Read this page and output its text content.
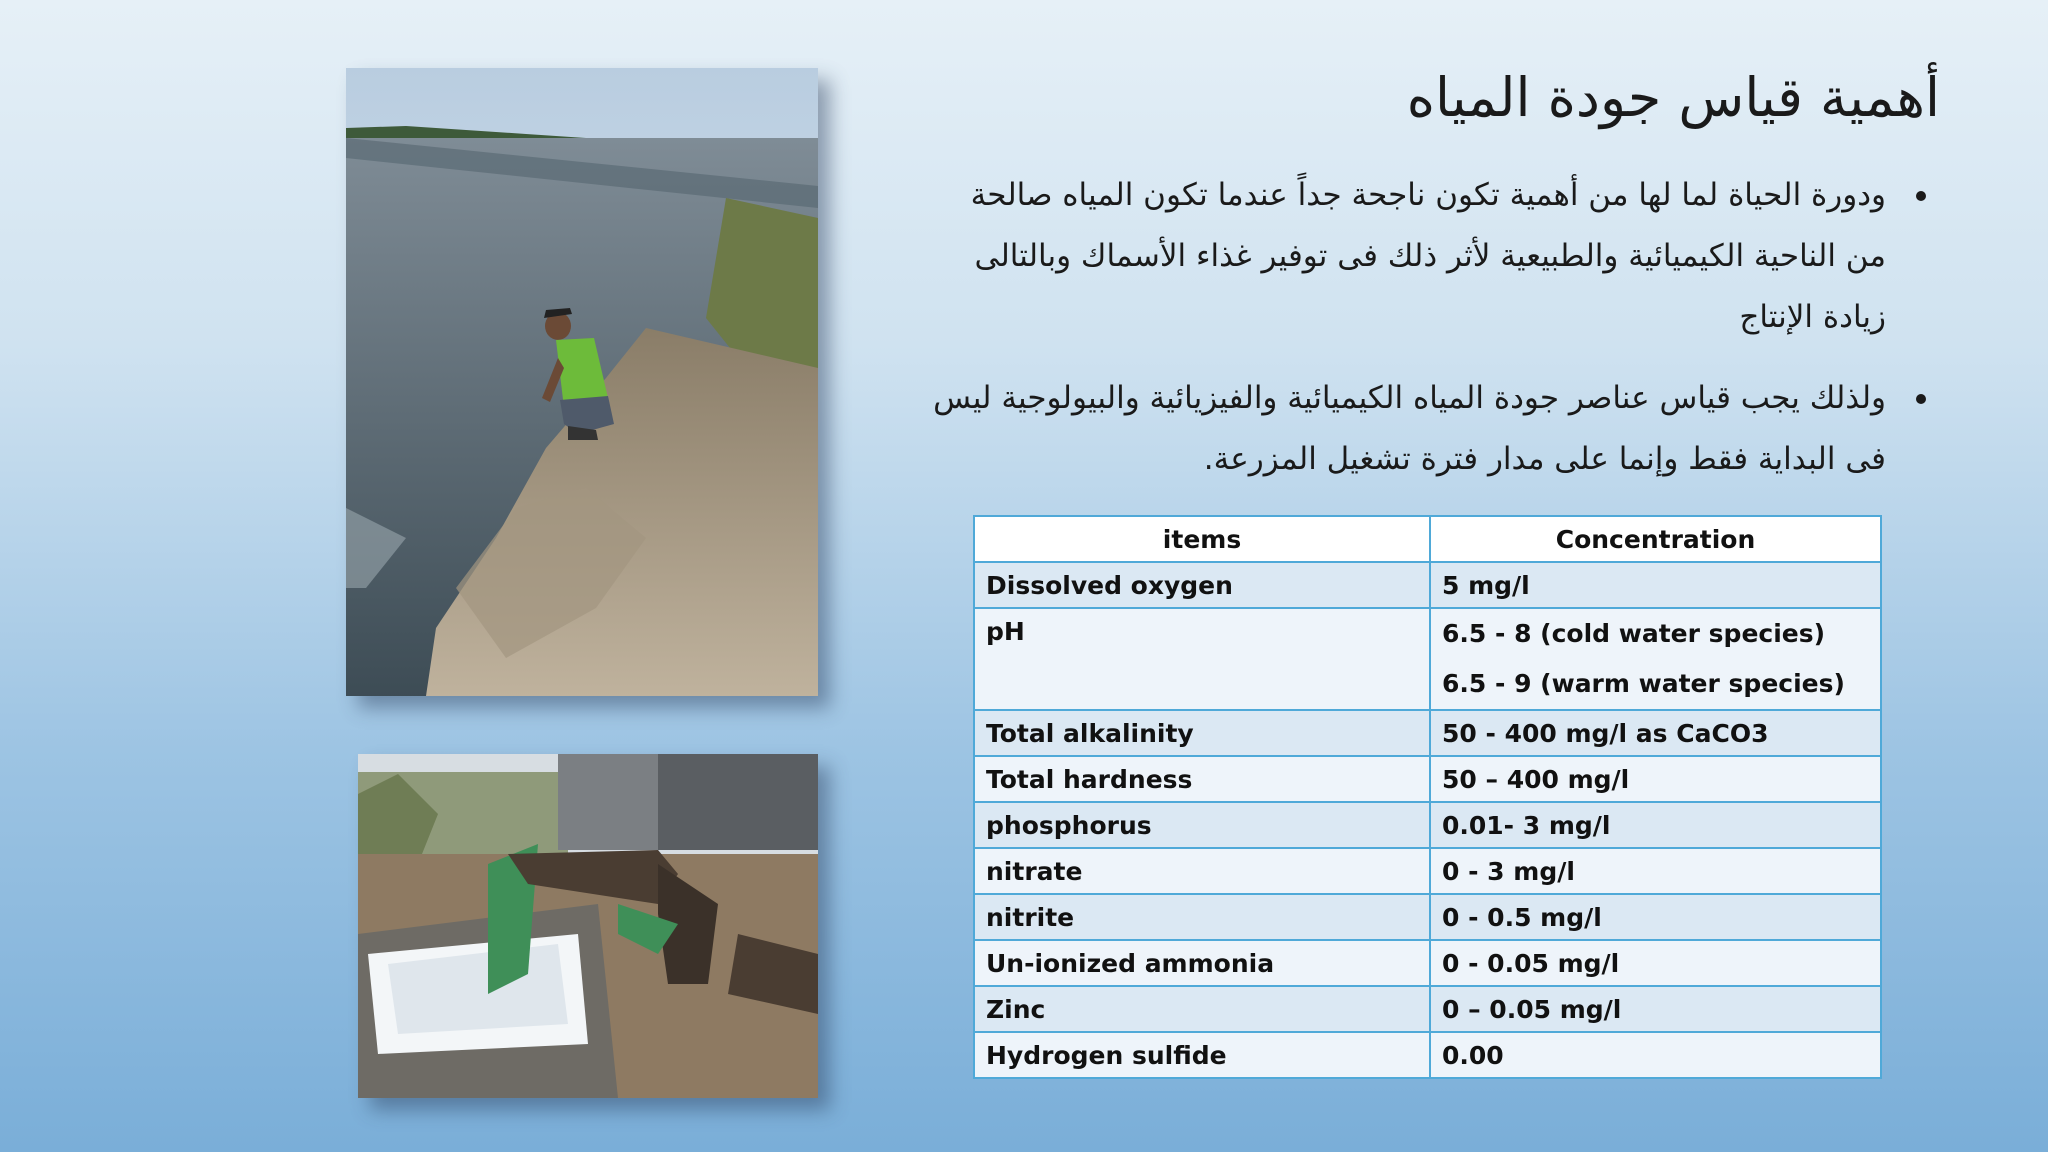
أهمية قياس جودة المياه
ودورة الحياة لما لها من أهمية تكون ناجحة جداً عندما تكون المياه صالحة من الناحية الكيميائية والطبيعية لأثر ذلك فى توفير غذاء الأسماك وبالتالى زيادة الإنتاج
ولذلك يجب قياس عناصر جودة المياه الكيميائية والفيزيائية والبيولوجية ليس فى البداية فقط وإنما على مدار فترة تشغيل المزرعة.
items	Concentration
Dissolved oxygen	5 mg/l
pH	6.5 - 8 (cold water species)
6.5 - 9 (warm water species)

Total alkalinity	50 - 400 mg/l as CaCO3
Total hardness	50 – 400 mg/l
phosphorus	0.01- 3 mg/l
nitrate	0 - 3 mg/l
nitrite	0 - 0.5 mg/l
Un-ionized ammonia	0 - 0.05 mg/l
Zinc	0 – 0.05 mg/l
Hydrogen sulfide	0.00
